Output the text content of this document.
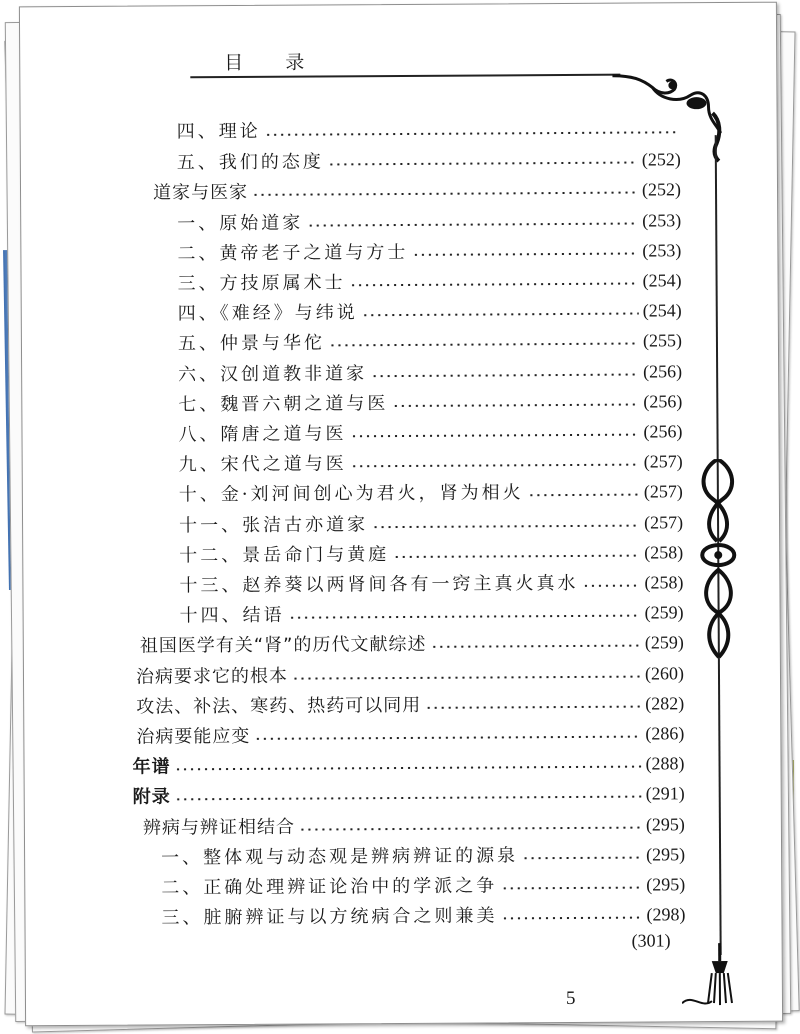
目 录
四、理论
五、我们的态度	(252)
道家与医家	(252)
一、原始道家	(253)
二、黄帝老子之道与方士	(253)
三、方技原属术士	(254)
四、《难经》与纬说	(254)
五、仲景与华佗	(255)
六、汉创道教非道家	(256)
七、魏晋六朝之道与医	(256)
八、隋唐之道与医	(256)
九、宋代之道与医	(257)
十、金·刘河间创心为君火，肾为相火	(257)
十一、张洁古亦道家	(257)
十二、景岳命门与黄庭	(258)
十三、赵养葵以两肾间各有一窍主真火真水	(258)
十四、结语	(259)
祖国医学有关“肾”的历代文献综述	(259)
治病要求它的根本	(260)
攻法、补法、寒药、热药可以同用	(282)
治病要能应变	(286)
年谱	(288)
附录	(291)
辨病与辨证相结合	(295)
一、整体观与动态观是辨病辨证的源泉	(295)
二、正确处理辨证论治中的学派之争	(295)
三、脏腑辨证与以方统病合之则兼美	(298)
(301)
5
